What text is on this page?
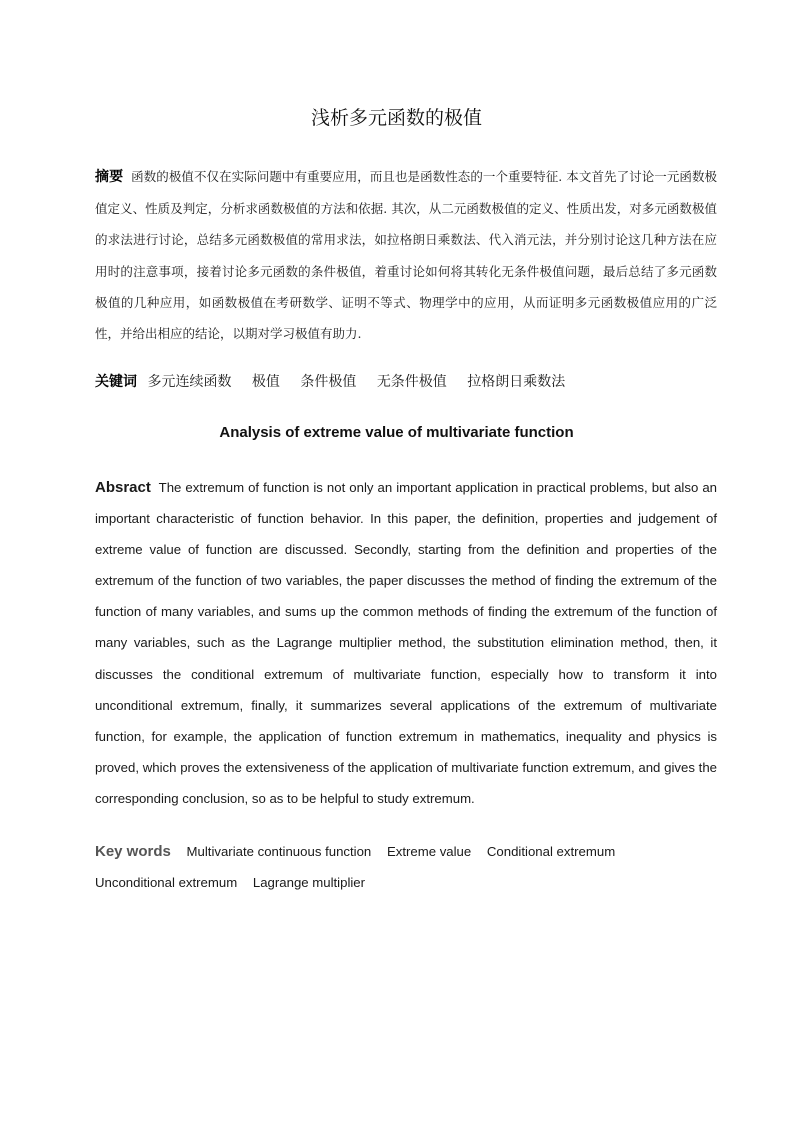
浅析多元函数的极值

摘要 函数的极值不仅在实际问题中有重要应用，而且也是函数性态的一个重要特征. 本文首先了讨论一元函数极值定义、性质及判定，分析求函数极值的方法和依据. 其次，从二元函数极值的定义、性质出发，对多元函数极值的求法进行讨论，总结多元函数极值的常用求法，如拉格朗日乘数法、代入消元法，并分别讨论这几种方法在应用时的注意事项，接着讨论多元函数的条件极值，着重讨论如何将其转化无条件极值问题，最后总结了多元函数极值的几种应用，如函数极值在考研数学、证明不等式、物理学中的应用，从而证明多元函数极值应用的广泛性，并给出相应的结论，以期对学习极值有助力.

关键词 多元连续函数 极值 条件极值 无条件极值 拉格朗日乘数法

Analysis of extreme value of multivariate function

Absract The extremum of function is not only an important application in practical problems, but also an important characteristic of function behavior. In this paper, the definition, properties and judgement of extreme value of function are discussed. Secondly, starting from the definition and properties of the extremum of the function of two variables, the paper discusses the method of finding the extremum of the function of many variables, and sums up the common methods of finding the extremum of the function of many variables, such as the Lagrange multiplier method, the substitution elimination method, then, it discusses the conditional extremum of multivariate function, especially how to transform it into unconditional extremum, finally, it summarizes several applications of the extremum of multivariate function, for example, the application of function extremum in mathematics, inequality and physics is proved, which proves the extensiveness of the application of multivariate function extremum, and gives the corresponding conclusion, so as to be helpful to study extremum.

Key words Multivariate continuous function Extreme value Conditional extremum
Unconditional extremum Lagrange multiplier
